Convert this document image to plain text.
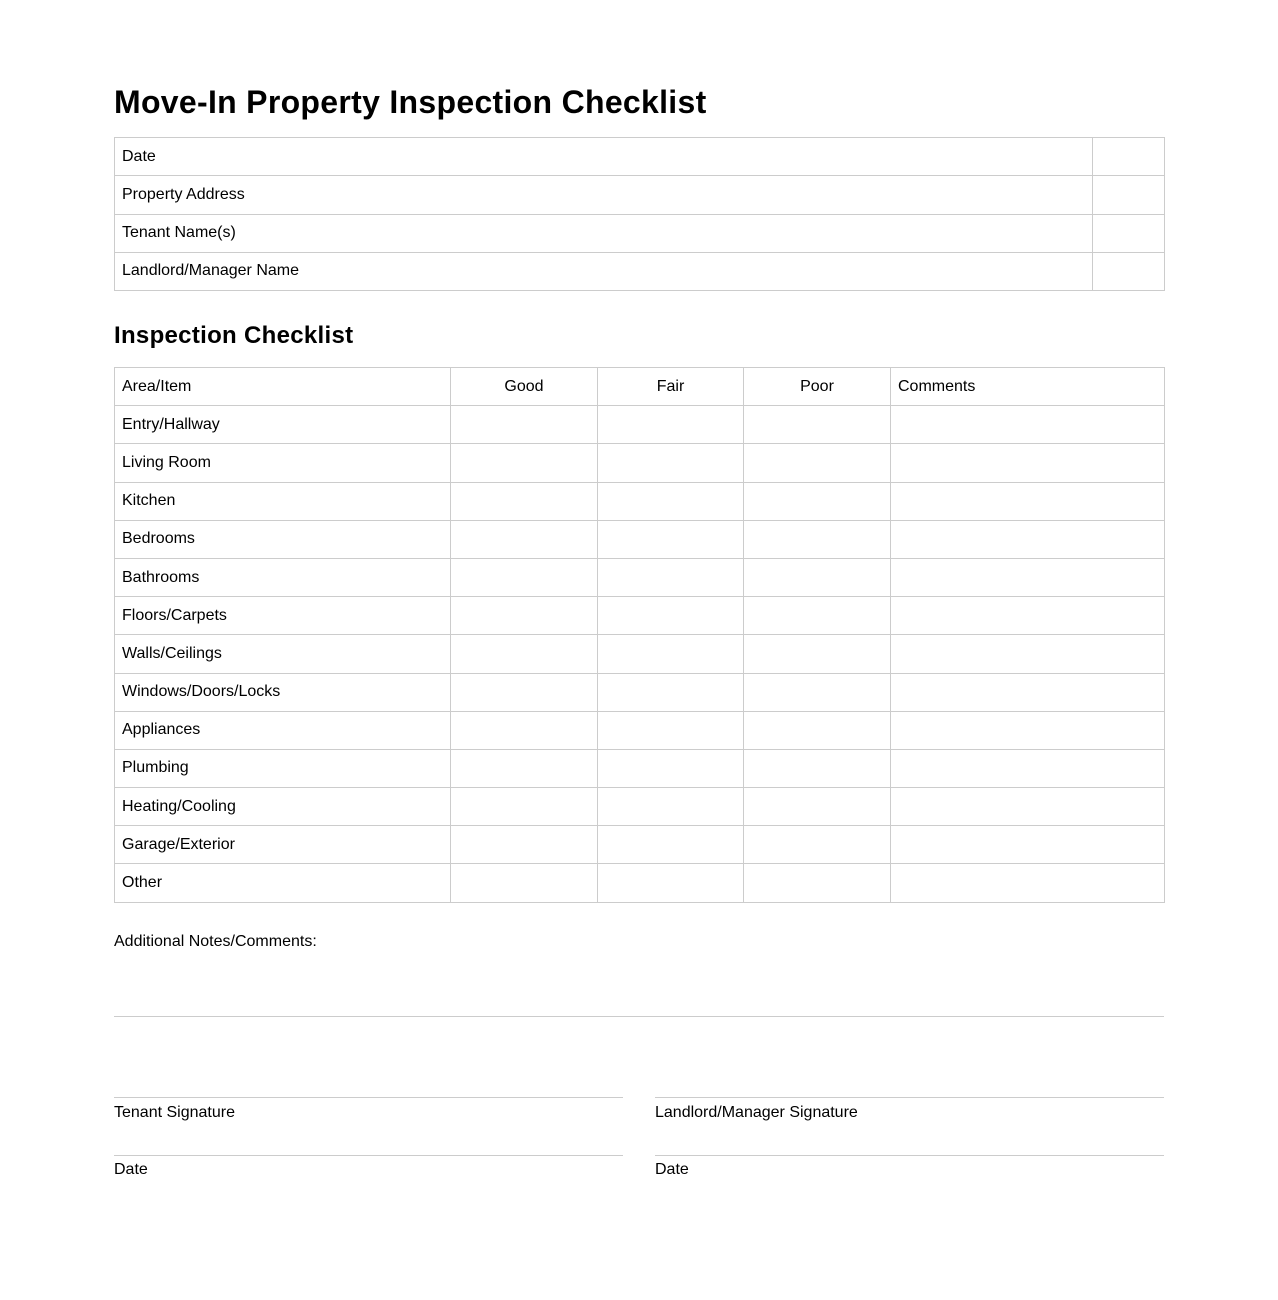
Move-In Property Inspection Checklist
Date	
Property Address	
Tenant Name(s)	
Landlord/Manager Name	
Inspection Checklist
Area/Item	Good	Fair	Poor	Comments
Entry/Hallway				
Living Room				
Kitchen				
Bedrooms				
Bathrooms				
Floors/Carpets				
Walls/Ceilings				
Windows/Doors/Locks				
Appliances				
Plumbing				
Heating/Cooling				
Garage/Exterior				
Other				
Additional Notes/Comments:
Tenant Signature
Date
Landlord/Manager Signature
Date
